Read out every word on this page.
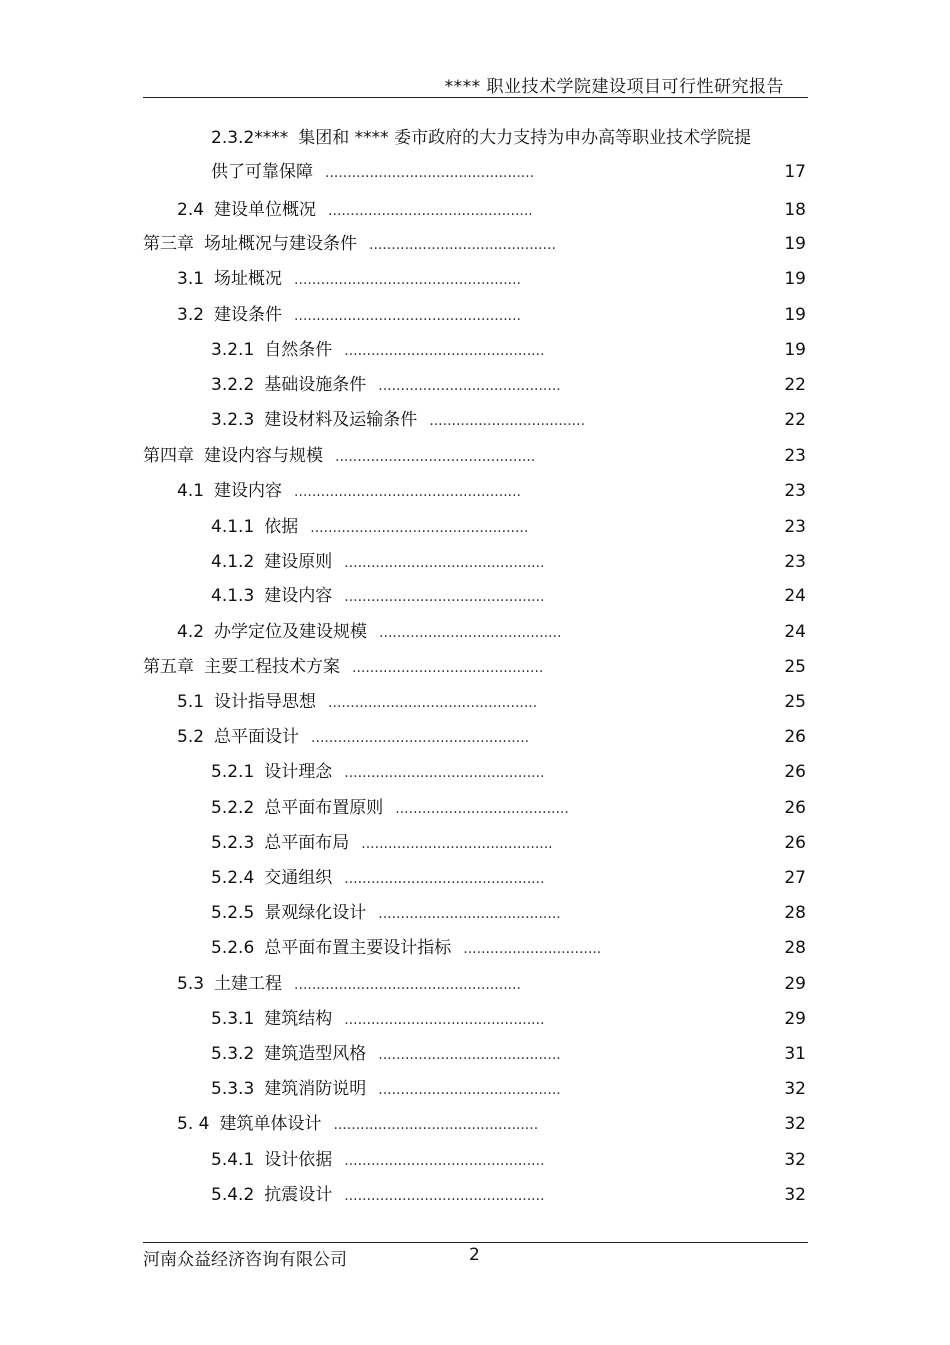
**** 职业技术学院建设项目可行性研究报告
2.3.2****集团和 **** 委市政府的大力支持为申办高等职业技术学院提
供了可靠保障 ...............................................	17
2.4建设单位概况 ..............................................	18
第三章 场址概况与建设条件 ..........................................	19
3.1 场址概况 ...................................................	19
3.2 建设条件 ...................................................	19
3.2.1 自然条件 .............................................	19
3.2.2 基础设施条件 .........................................	22
3.2.3建设材料及运输条件 ...................................	22
第四章 建设内容与规模 .............................................	23
4.1 建设内容 ...................................................	23
4.1.1 依据 .................................................	23
4.1.2 建设原则 .............................................	23
4.1.3 建设内容 .............................................	24
4.2 办学定位及建设规模 .........................................	24
第五章 主要工程技术方案 ...........................................	25
5.1 设计指导思想 ...............................................	25
5.2 总平面设计 .................................................	26
5.2.1 设计理念 .............................................	26
5.2.2 总平面布置原则 .......................................	26
5.2.3 总平面布局 ...........................................	26
5.2.4 交通组织 .............................................	27
5.2.5 景观绿化设计 .........................................	28
5.2.6 总平面布置主要设计指标 ...............................	28
5.3 土建工程 ...................................................	29
5.3.1 建筑结构 .............................................	29
5.3.2 建筑造型风格 .........................................	31
5.3.3 建筑消防说明 .........................................	32
5. 4建筑单体设计 ..............................................	32
5.4.1 设计依据 .............................................	32
5.4.2 抗震设计 .............................................	32
河南众益经济咨询有限公司	2
